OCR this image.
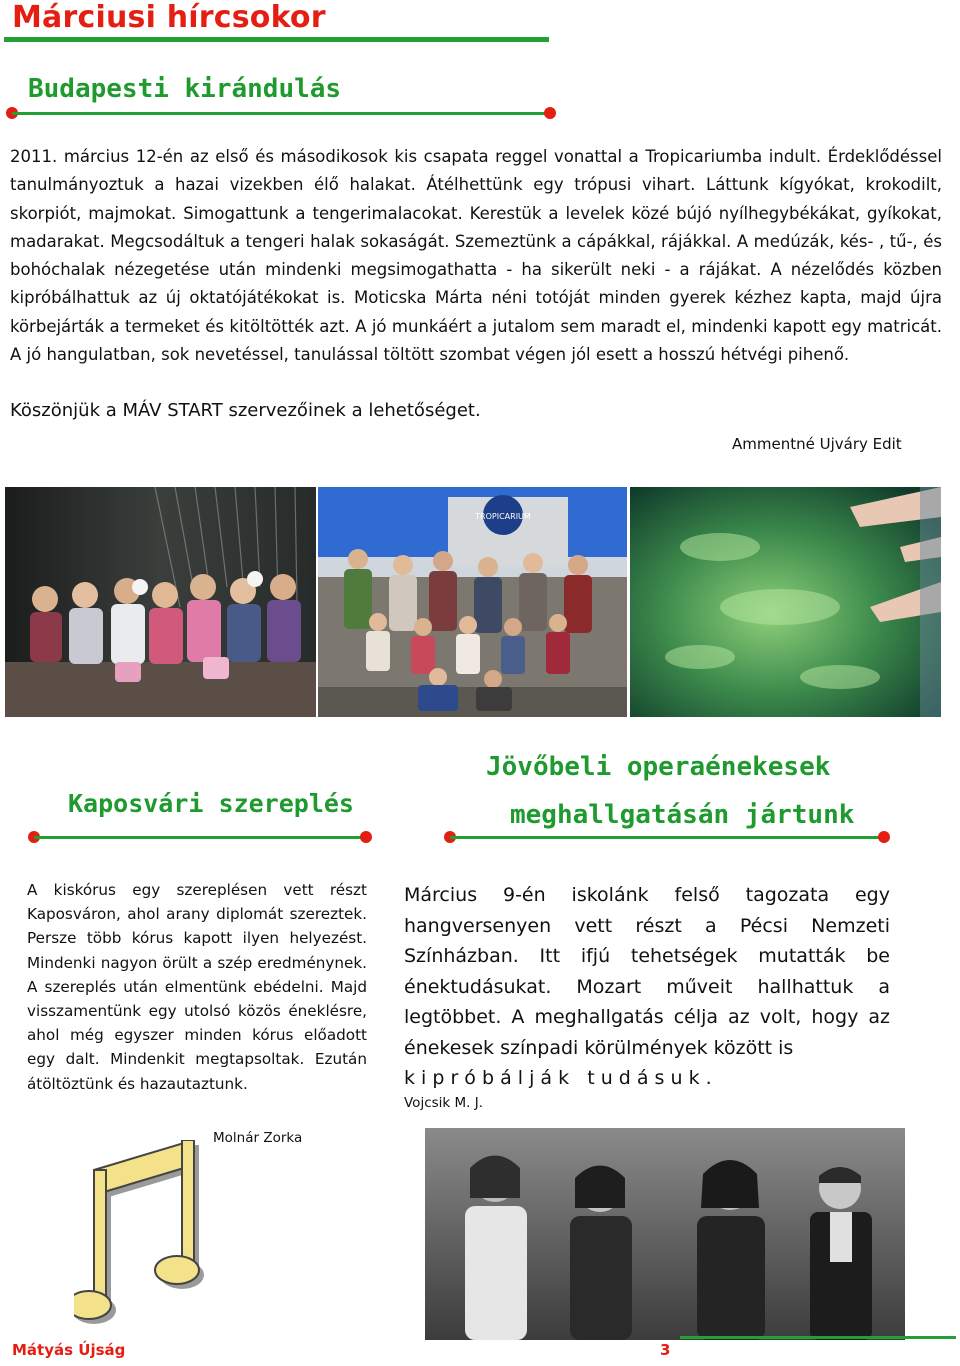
Márciusi hírcsokor
Budapesti kirándulás
2011. március 12-én az első és másodikosok kis csapata reggel vonattal a Tropicariumba indult. Érdeklődéssel tanulmányoztuk a hazai vizekben élő halakat. Átélhettünk egy trópusi vihart. Láttunk kígyókat, krokodilt, skorpiót, majmokat. Simogattunk a tengerimalacokat. Kerestük a levelek közé bújó nyílhegybékákat, gyíkokat, madarakat. Megcsodáltuk a tengeri halak sokaságát. Szemeztünk a cápákkal, rájákkal. A medúzák, kés- , tű-, és bohóchalak nézegetése után mindenki megsimogathatta - ha sikerült neki - a rájákat. A nézelődés közben kipróbálhattuk az új oktatójátékokat is. Moticska Márta néni totóját minden gyerek kézhez kapta, majd újra körbejárták a termeket és kitöltötték azt. A jó munkáért a jutalom sem maradt el, mindenki kapott egy matricát. A jó hangulatban, sok nevetéssel, tanulással töltött szombat végen jól esett a hosszú hétvégi pihenő.
Köszönjük a MÁV START szervezőinek a lehetőséget.
Ammentné Ujváry Edit
TROPICARIUM
Kaposvári szereplés
Jövőbeli operaénekesek
meghallgatásán jártunk
A kiskórus egy szereplésen vett részt Kaposváron, ahol arany diplomát szereztek. Persze több kórus kapott ilyen helyezést. Mindenki nagyon örült a szép eredménynek. A szereplés után elmentünk ebédelni. Majd visszamentünk egy utolsó közös éneklésre, ahol még egyszer minden kórus előadott egy dalt. Mindenkit megtapsoltak. Ezután átöltöztünk és hazautaztunk.
Molnár Zorka
Március 9-én iskolánk felső tagozata egy hangversenyen vett részt a Pécsi Nemzeti Színházban. Itt ifjú tehetségek mutatták be énektudásukat. Mozart műveit hallhattuk a legtöbbet. A meghallgatás célja az volt, hogy az énekesek színpadi körülmények között is
k i p r ó b á l j á k   t u d á s u k .
Vojcsik M. J.
Mátyás Újság	3
